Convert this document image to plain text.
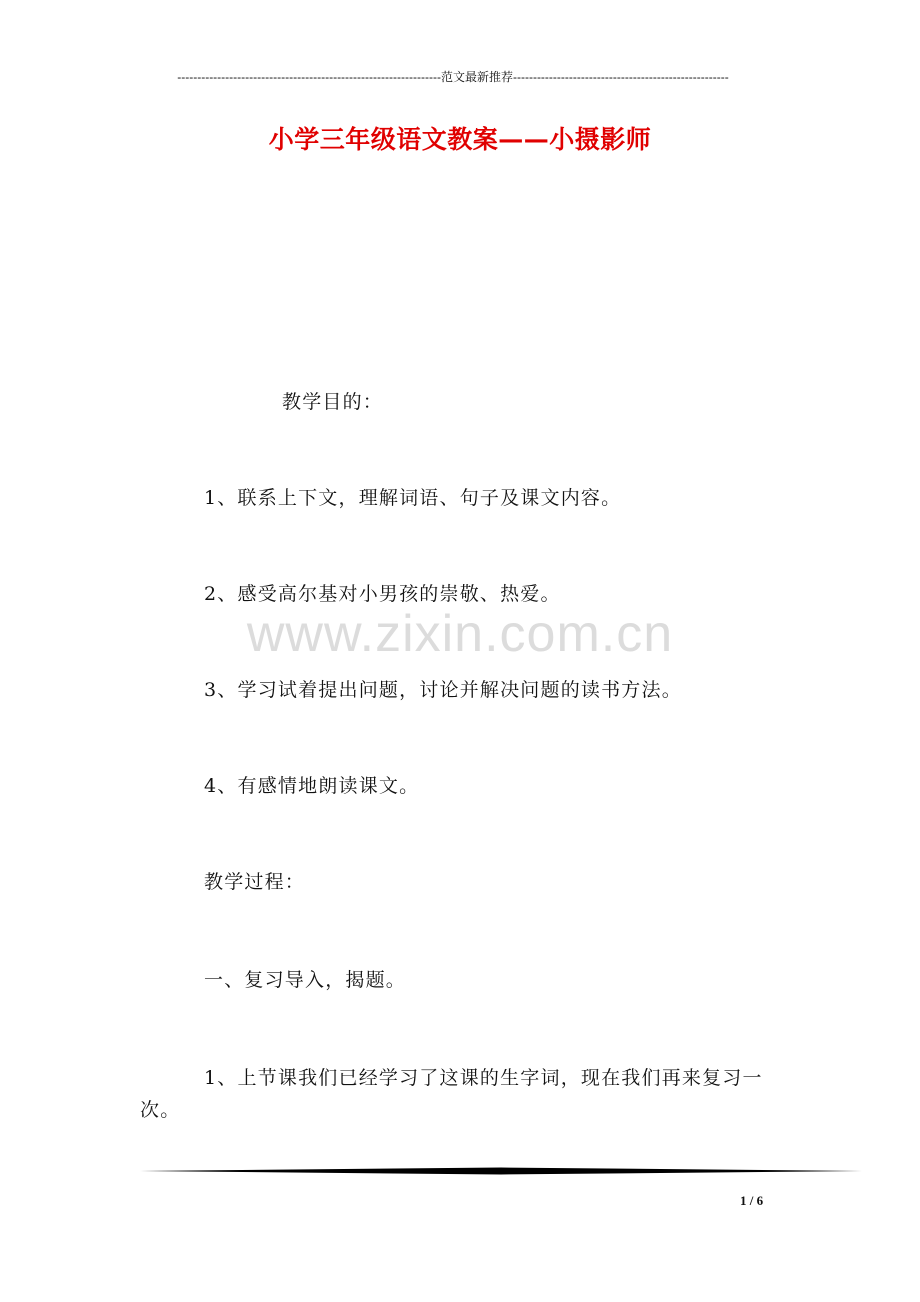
------------------------------------------------------------------范文最新推荐------------------------------------------------------
小学三年级语文教案——小摄影师
教学目的：
1、联系上下文，理解词语、句子及课文内容。
2、感受高尔基对小男孩的崇敬、热爱。
www.zixin.com.cn
3、学习试着提出问题，讨论并解决问题的读书方法。
4、有感情地朗读课文。
教学过程：
一、复习导入，揭题。
1、上节课我们已经学习了这课的生字词，现在我们再来复习一次。
1 / 6
